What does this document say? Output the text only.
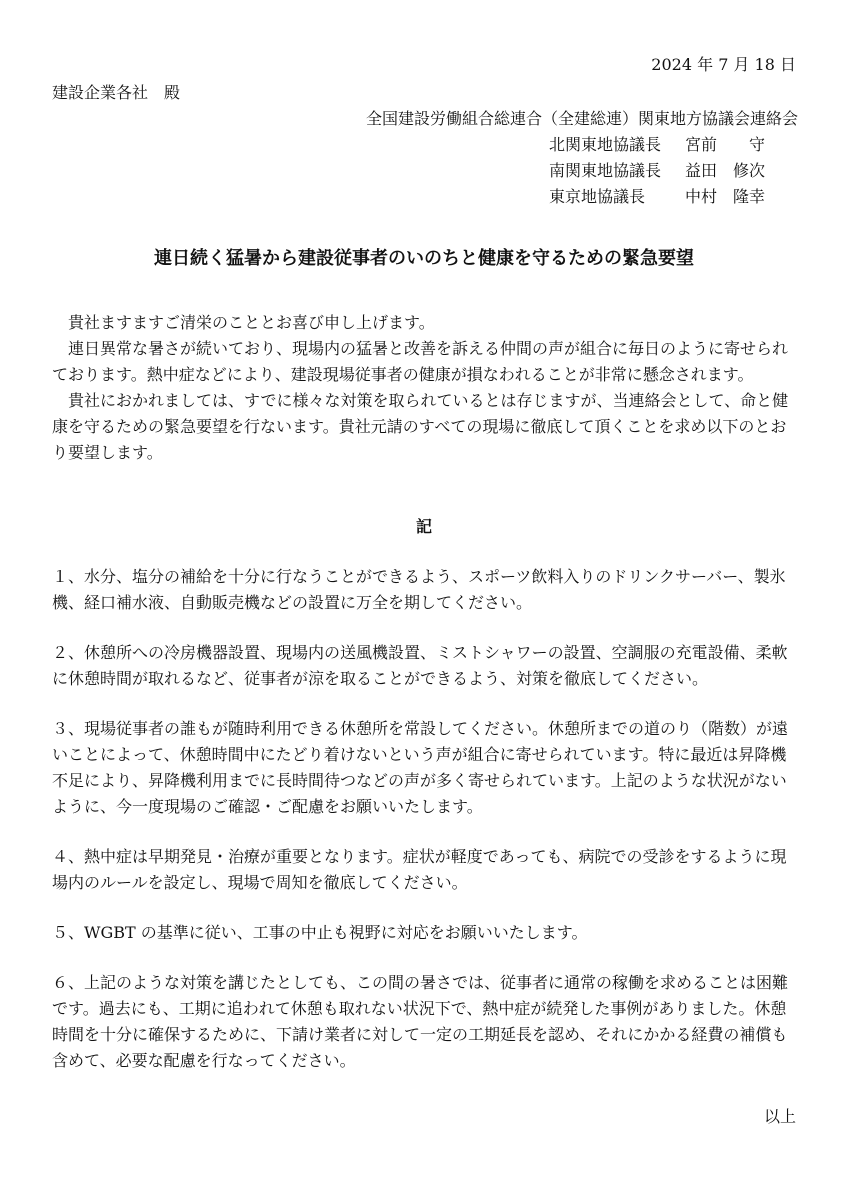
2024 年 7 月 18 日
建設企業各社　殿
全国建設労働組合総連合（全建総連）関東地方協議会連絡会
北関東地協議長	宮前　　守
南関東地協議長	益田　修次
東京地協議長	中村　隆幸
連日続く猛暑から建設従事者のいのちと健康を守るための緊急要望

貴社ますますご清栄のこととお喜び申し上げます。

連日異常な暑さが続いており、現場内の猛暑と改善を訴える仲間の声が組合に毎日のように寄せられております。熱中症などにより、建設現場従事者の健康が損なわれることが非常に懸念されます。

貴社におかれましては、すでに様々な対策を取られているとは存じますが、当連絡会として、命と健康を守るための緊急要望を行ないます。貴社元請のすべての現場に徹底して頂くことを求め以下のとおり要望します。

記

１、水分、塩分の補給を十分に行なうことができるよう、スポーツ飲料入りのドリンクサーバー、製氷機、経口補水液、自動販売機などの設置に万全を期してください。

２、休憩所への冷房機器設置、現場内の送風機設置、ミストシャワーの設置、空調服の充電設備、柔軟に休憩時間が取れるなど、従事者が涼を取ることができるよう、対策を徹底してください。

３、現場従事者の誰もが随時利用できる休憩所を常設してください。休憩所までの道のり（階数）が遠いことによって、休憩時間中にたどり着けないという声が組合に寄せられています。特に最近は昇降機不足により、昇降機利用までに長時間待つなどの声が多く寄せられています。上記のような状況がないように、今一度現場のご確認・ご配慮をお願いいたします。

４、熱中症は早期発見・治療が重要となります。症状が軽度であっても、病院での受診をするように現場内のルールを設定し、現場で周知を徹底してください。

５、WGBT の基準に従い、工事の中止も視野に対応をお願いいたします。

６、上記のような対策を講じたとしても、この間の暑さでは、従事者に通常の稼働を求めることは困難です。過去にも、工期に追われて休憩も取れない状況下で、熱中症が続発した事例がありました。休憩時間を十分に確保するために、下請け業者に対して一定の工期延長を認め、それにかかる経費の補償も含めて、必要な配慮を行なってください。

以上
